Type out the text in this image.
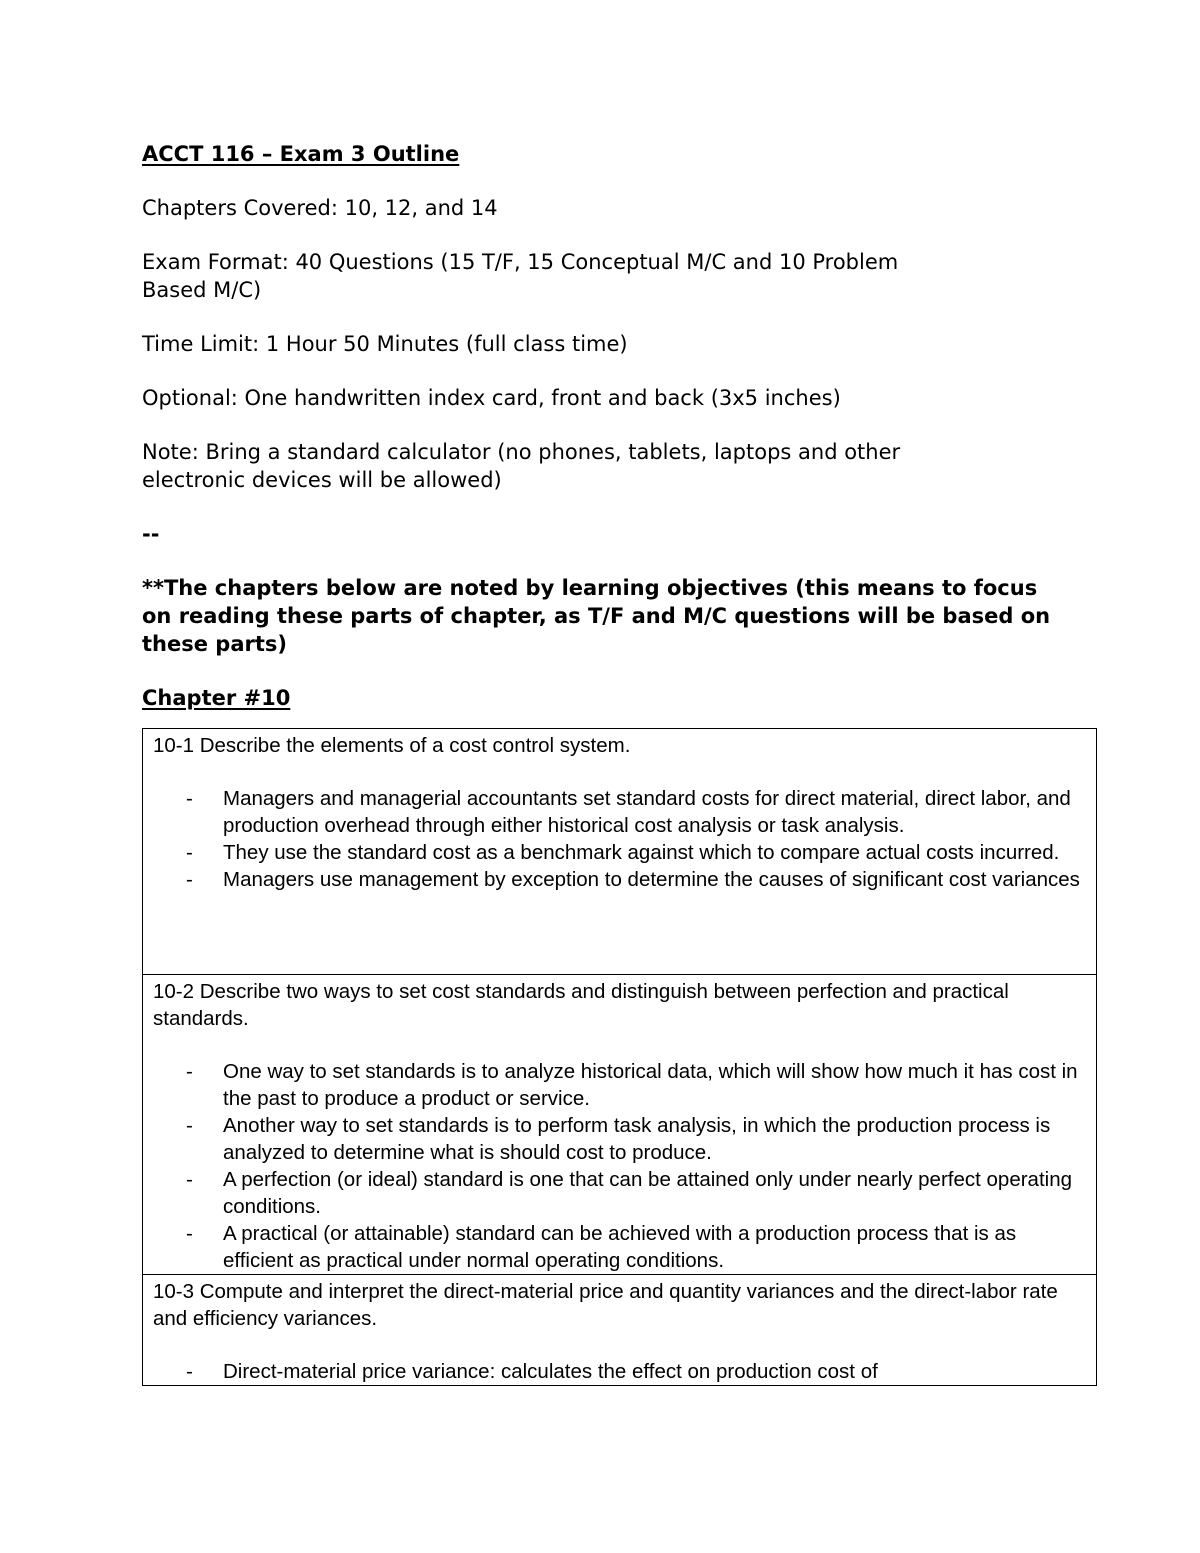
ACCT 116 – Exam 3 Outline

Chapters Covered: 10, 12, and 14

Exam Format: 40 Questions (15 T/F, 15 Conceptual M/C and 10 Problem
Based M/C)

Time Limit: 1 Hour 50 Minutes (full class time)

Optional: One handwritten index card, front and back (3x5 inches)

Note: Bring a standard calculator (no phones, tablets, laptops and other
electronic devices will be allowed)

--

**The chapters below are noted by learning objectives (this means to focus
on reading these parts of chapter, as T/F and M/C questions will be based on
these parts)

Chapter #10

10-1 Describe the elements of a cost control system.

- Managers and managerial accountants set standard costs for direct material, direct labor, and production overhead through either historical cost analysis or task analysis.
- They use the standard cost as a benchmark against which to compare actual costs incurred.
- Managers use management by exception to determine the causes of significant cost variances

10-2 Describe two ways to set cost standards and distinguish between perfection and practical standards.

- One way to set standards is to analyze historical data, which will show how much it has cost in the past to produce a product or service.
- Another way to set standards is to perform task analysis, in which the production process is analyzed to determine what is should cost to produce.
- A perfection (or ideal) standard is one that can be attained only under nearly perfect operating conditions.
- A practical (or attainable) standard can be achieved with a production process that is as efficient as practical under normal operating conditions.

10-3 Compute and interpret the direct-material price and quantity variances and the direct-labor rate and efficiency variances.

- Direct-material price variance: calculates the effect on production cost of
